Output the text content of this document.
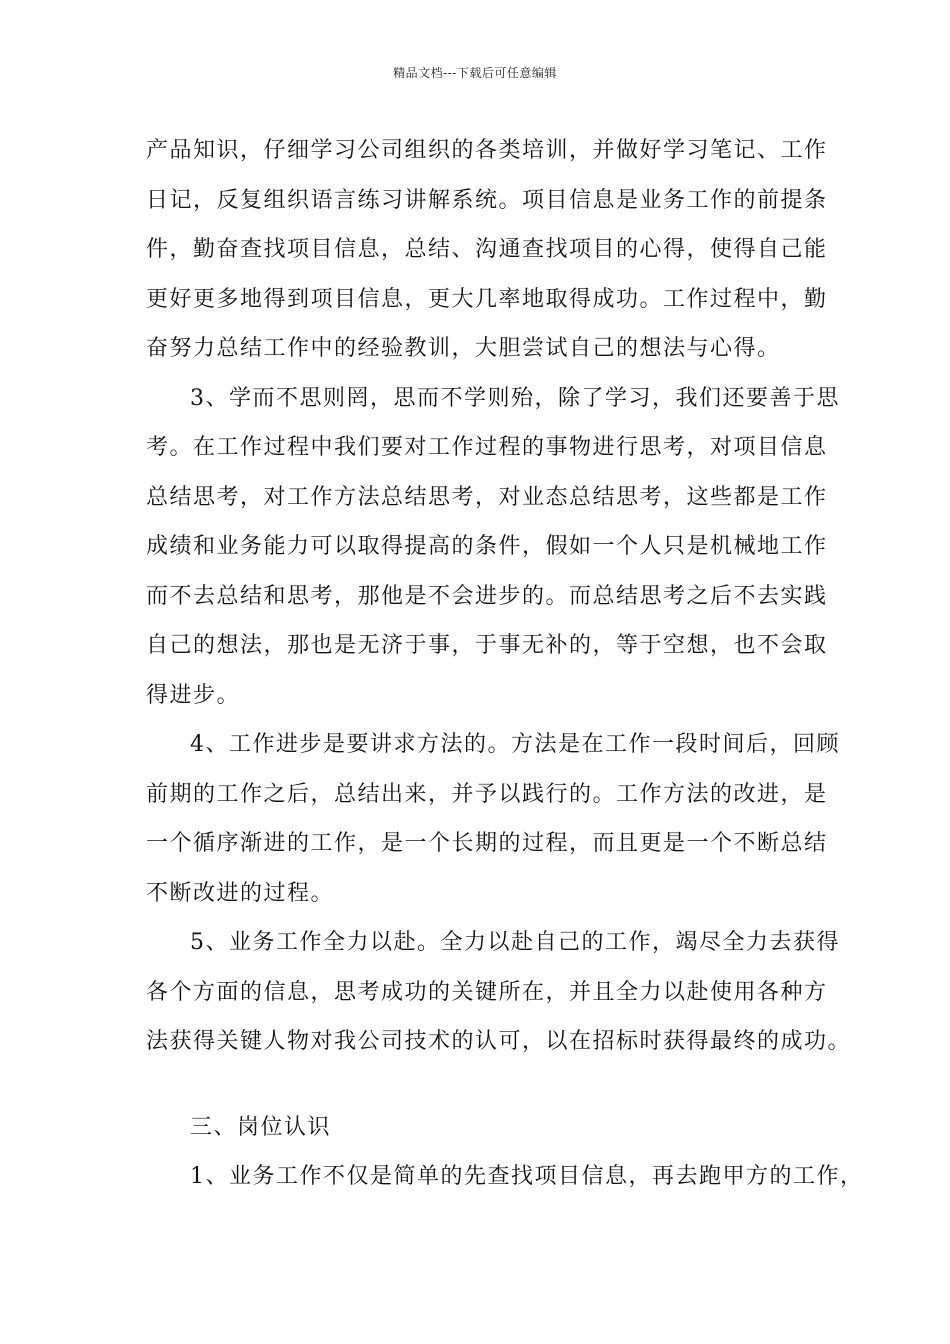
精品文档---下载后可任意编辑
产品知识，仔细学习公司组织的各类培训，并做好学习笔记、工作
日记，反复组织语言练习讲解系统。项目信息是业务工作的前提条
件，勤奋查找项目信息，总结、沟通查找项目的心得，使得自己能
更好更多地得到项目信息，更大几率地取得成功。工作过程中，勤
奋努力总结工作中的经验教训，大胆尝试自己的想法与心得。
3、学而不思则罔，思而不学则殆，除了学习，我们还要善于思
考。在工作过程中我们要对工作过程的事物进行思考，对项目信息
总结思考，对工作方法总结思考，对业态总结思考，这些都是工作
成绩和业务能力可以取得提高的条件，假如一个人只是机械地工作
而不去总结和思考，那他是不会进步的。而总结思考之后不去实践
自己的想法，那也是无济于事，于事无补的，等于空想，也不会取
得进步。
4、工作进步是要讲求方法的。方法是在工作一段时间后，回顾
前期的工作之后，总结出来，并予以践行的。工作方法的改进，是
一个循序渐进的工作，是一个长期的过程，而且更是一个不断总结
不断改进的过程。
5、业务工作全力以赴。全力以赴自己的工作，竭尽全力去获得
各个方面的信息，思考成功的关键所在，并且全力以赴使用各种方
法获得关键人物对我公司技术的认可，以在招标时获得最终的成功。
三、岗位认识
1、业务工作不仅是简单的先查找项目信息，再去跑甲方的工作，
